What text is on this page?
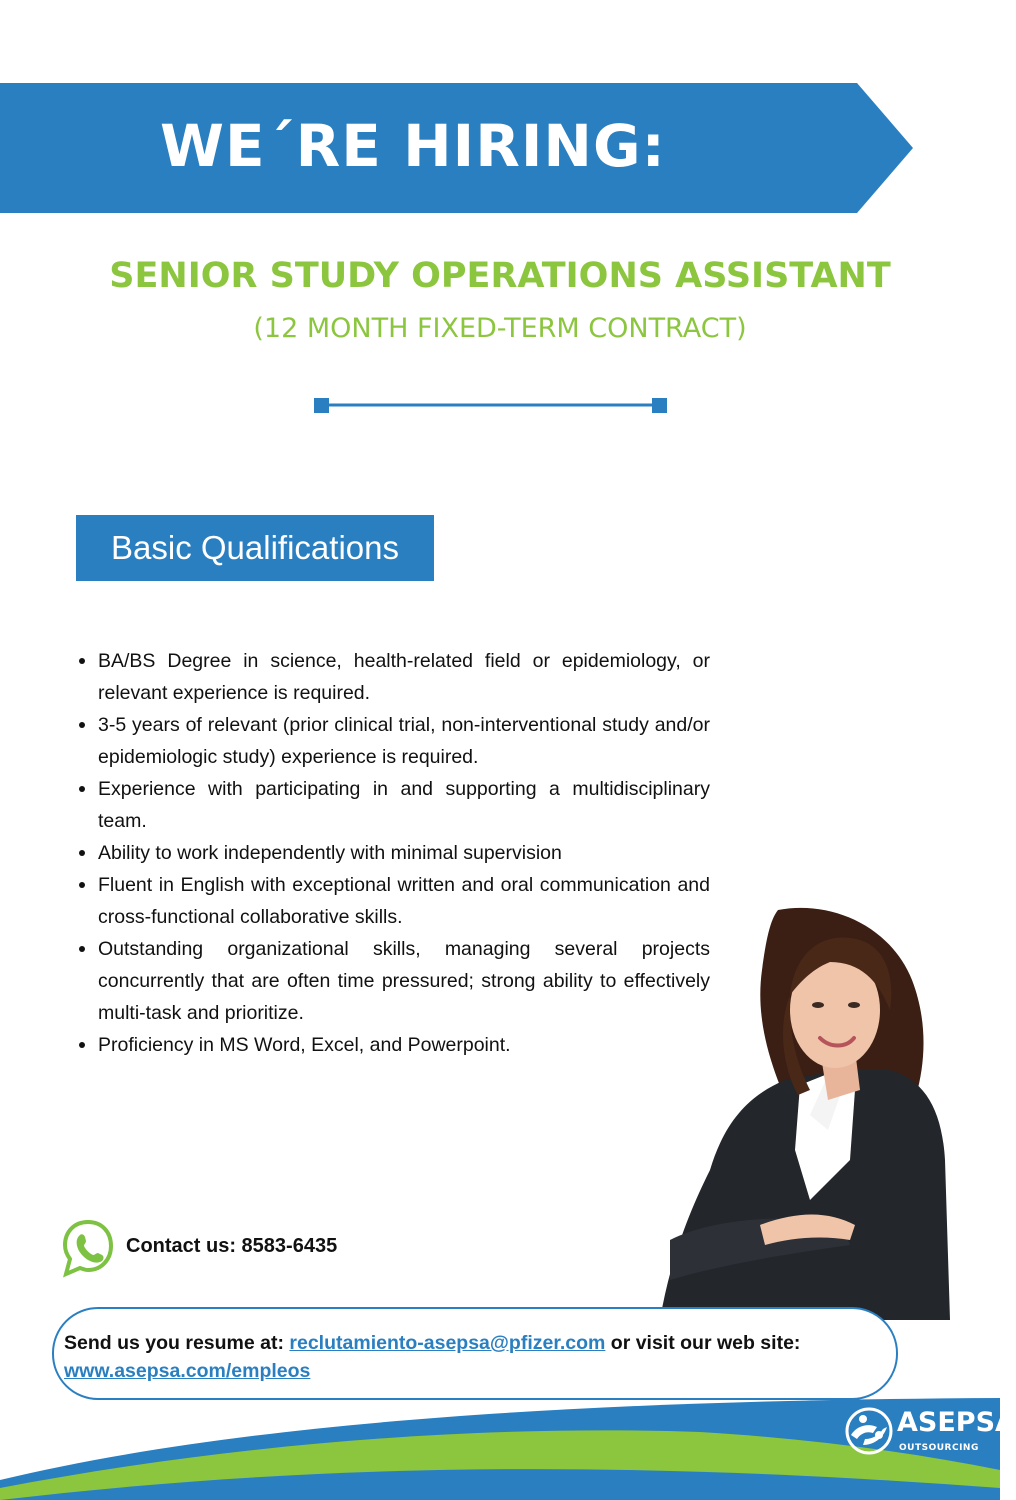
WE´RE HIRING:
SENIOR STUDY OPERATIONS ASSISTANT
(12 MONTH FIXED-TERM CONTRACT)
Basic Qualifications
BA/BS Degree in science, health-related field or epidemiology, or relevant experience is required.
3-5 years of relevant (prior clinical trial, non-interventional study and/or epidemiologic study) experience is required.
Experience with participating in and supporting a multidisciplinary team.
Ability to work independently with minimal supervision
Fluent in English with exceptional written and oral communication and cross-functional collaborative skills.
Outstanding organizational skills, managing several projects concurrently that are often time pressured; strong ability to effectively multi-task and prioritize.
Proficiency in MS Word, Excel, and Powerpoint.
Contact us: 8583-6435
Send us you resume at: reclutamiento-asepsa@pfizer.com or visit our web site:
www.asepsa.com/empleos
ASEPSA
OUTSOURCING
